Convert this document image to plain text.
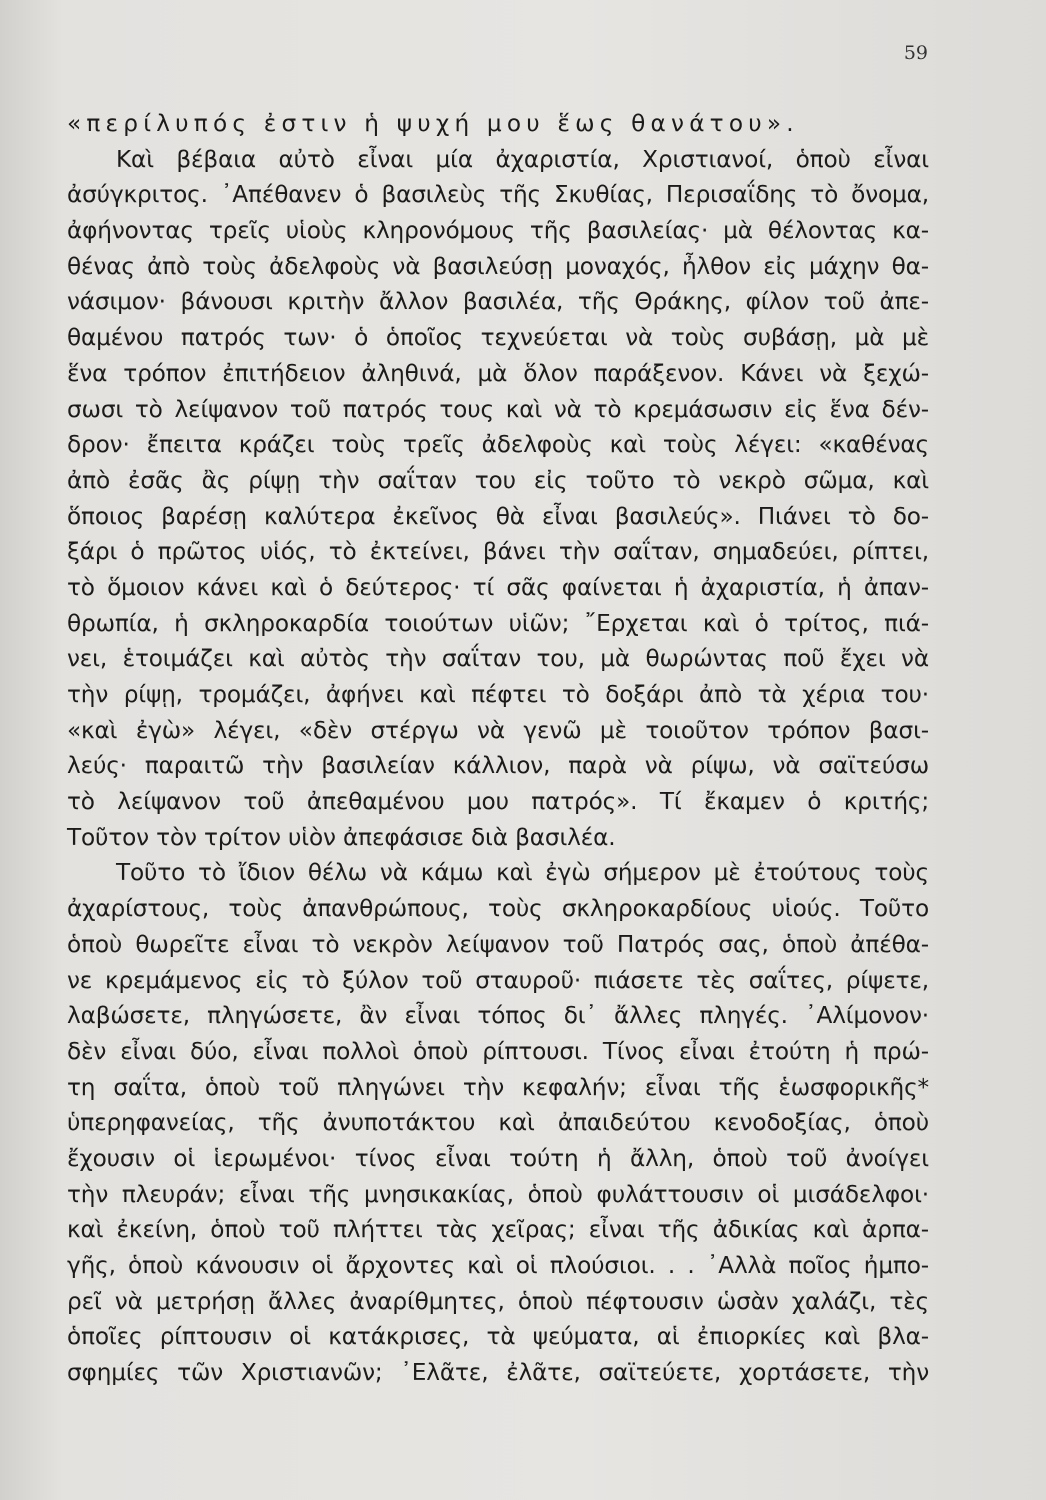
59
«περίλυπός ἐστιν ἡ ψυχή μου ἕως θανάτου».
Καὶ βέβαια αὐτὸ εἶναι μία ἀχαριστία, Χριστιανοί, ὁποὺ εἶναι
ἀσύγκριτος. ᾿Απέθανεν ὁ βασιλεὺς τῆς Σκυθίας, Περισαΐδης τὸ ὄνομα,
ἀφήνοντας τρεῖς υἱοὺς κληρονόμους τῆς βασιλείας· μὰ θέλοντας κα-
θένας ἀπὸ τοὺς ἀδελφοὺς νὰ βασιλεύσῃ μοναχός, ἦλθον εἰς μάχην θα-
νάσιμον· βάνουσι κριτὴν ἄλλον βασιλέα, τῆς Θράκης, φίλον τοῦ ἀπε-
θαμένου πατρός των· ὁ ὁποῖος τεχνεύεται νὰ τοὺς συβάσῃ, μὰ μὲ
ἕνα τρόπον ἐπιτήδειον ἀληθινά, μὰ ὅλον παράξενον. Κάνει νὰ ξεχώ-
σωσι τὸ λείψανον τοῦ πατρός τους καὶ νὰ τὸ κρεμάσωσιν εἰς ἕνα δέν-
δρον· ἔπειτα κράζει τοὺς τρεῖς ἀδελφοὺς καὶ τοὺς λέγει: «καθένας
ἀπὸ ἐσᾶς ἂς ρίψῃ τὴν σαΐταν του εἰς τοῦτο τὸ νεκρὸ σῶμα, καὶ
ὅποιος βαρέσῃ καλύτερα ἐκεῖνος θὰ εἶναι βασιλεύς». Πιάνει τὸ δο-
ξάρι ὁ πρῶτος υἱός, τὸ ἐκτείνει, βάνει τὴν σαΐταν, σημαδεύει, ρίπτει,
τὸ ὅμοιον κάνει καὶ ὁ δεύτερος· τί σᾶς φαίνεται ἡ ἀχαριστία, ἡ ἀπαν-
θρωπία, ἡ σκληροκαρδία τοιούτων υἱῶν; ῎Ερχεται καὶ ὁ τρίτος, πιά-
νει, ἑτοιμάζει καὶ αὐτὸς τὴν σαΐταν του, μὰ θωρώντας ποῦ ἔχει νὰ
τὴν ρίψῃ, τρομάζει, ἀφήνει καὶ πέφτει τὸ δοξάρι ἀπὸ τὰ χέρια του·
«καὶ ἐγὼ» λέγει, «δὲν στέργω νὰ γενῶ μὲ τοιοῦτον τρόπον βασι-
λεύς· παραιτῶ τὴν βασιλείαν κάλλιον, παρὰ νὰ ρίψω, νὰ σαϊτεύσω
τὸ λείψανον τοῦ ἀπεθαμένου μου πατρός». Τί ἔκαμεν ὁ κριτής;
Τοῦτον τὸν τρίτον υἱὸν ἀπεφάσισε διὰ βασιλέα.
Τοῦτο τὸ ἴδιον θέλω νὰ κάμω καὶ ἐγὼ σήμερον μὲ ἐτούτους τοὺς
ἀχαρίστους, τοὺς ἀπανθρώπους, τοὺς σκληροκαρδίους υἱούς. Τοῦτο
ὁποὺ θωρεῖτε εἶναι τὸ νεκρὸν λείψανον τοῦ Πατρός σας, ὁποὺ ἀπέθα-
νε κρεμάμενος εἰς τὸ ξύλον τοῦ σταυροῦ· πιάσετε τὲς σαΐτες, ρίψετε,
λαβώσετε, πληγώσετε, ἂν εἶναι τόπος δι᾿ ἄλλες πληγές. ᾿Αλίμονον·
δὲν εἶναι δύο, εἶναι πολλοὶ ὁποὺ ρίπτουσι. Τίνος εἶναι ἐτούτη ἡ πρώ-
τη σαΐτα, ὁποὺ τοῦ πληγώνει τὴν κεφαλήν; εἶναι τῆς ἑωσφορικῆς*
ὑπερηφανείας, τῆς ἀνυποτάκτου καὶ ἀπαιδεύτου κενοδοξίας, ὁποὺ
ἔχουσιν οἱ ἱερωμένοι· τίνος εἶναι τούτη ἡ ἄλλη, ὁποὺ τοῦ ἀνοίγει
τὴν πλευράν; εἶναι τῆς μνησικακίας, ὁποὺ φυλάττουσιν οἱ μισάδελφοι·
καὶ ἐκείνη, ὁποὺ τοῦ πλήττει τὰς χεῖρας; εἶναι τῆς ἀδικίας καὶ ἁρπα-
γῆς, ὁποὺ κάνουσιν οἱ ἄρχοντες καὶ οἱ πλούσιοι. . . ᾿Αλλὰ ποῖος ἠμπο-
ρεῖ νὰ μετρήσῃ ἄλλες ἀναρίθμητες, ὁποὺ πέφτουσιν ὡσὰν χαλάζι, τὲς
ὁποῖες ρίπτουσιν οἱ κατάκρισες, τὰ ψεύματα, αἱ ἐπιορκίες καὶ βλα-
σφημίες τῶν Χριστιανῶν; ᾿Ελᾶτε, ἐλᾶτε, σαϊτεύετε, χορτάσετε, τὴν
